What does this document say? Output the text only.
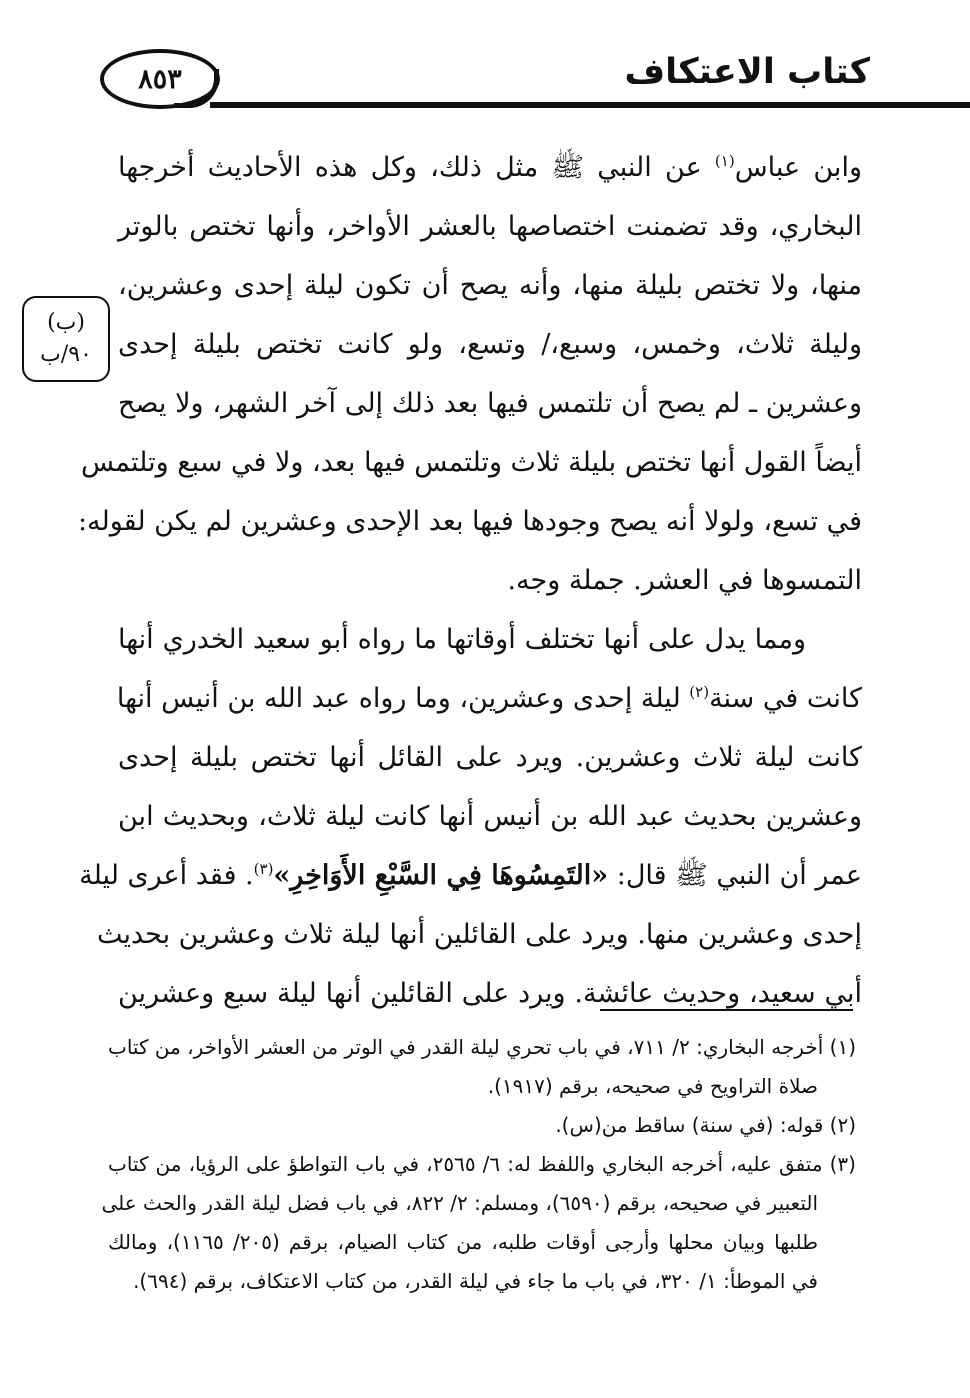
٨٥٣	كتاب الاعتكاف
(ب)
٩٠/ب
وابن عباس$^{(١)}$ عن النبي ﷺ مثل ذلك، وكل هذه الأحاديث أخرجها
البخاري، وقد تضمنت اختصاصها بالعشر الأواخر، وأنها تختص بالوتر
منها، ولا تختص بليلة منها، وأنه يصح أن تكون ليلة إحدى وعشرين،
وليلة ثلاث، وخمس، وسبع،/ وتسع، ولو كانت تختص بليلة إحدى
وعشرين ـ لم يصح أن تلتمس فيها بعد ذلك إلى آخر الشهر، ولا يصح
أيضاً القول أنها تختص بليلة ثلاث وتلتمس فيها بعد، ولا في سبع وتلتمس
في تسع، ولولا أنه يصح وجودها فيها بعد الإحدى وعشرين لم يكن لقوله:
التمسوها في العشر. جملة وجه.
ومما يدل على أنها تختلف أوقاتها ما رواه أبو سعيد الخدري أنها
كانت في سنة$^{(٢)}$ ليلة إحدى وعشرين، وما رواه عبد الله بن أنيس أنها
كانت ليلة ثلاث وعشرين. ويرد على القائل أنها تختص بليلة إحدى
وعشرين بحديث عبد الله بن أنيس أنها كانت ليلة ثلاث، وبحديث ابن
عمر أن النبي ﷺ قال: «التَمِسُوهَا فِي السَّبْعِ الأَوَاخِرِ»$^{(٣)}$. فقد أعرى ليلة
إحدى وعشرين منها. ويرد على القائلين أنها ليلة ثلاث وعشرين بحديث
أبي سعيد، وحديث عائشة. ويرد على القائلين أنها ليلة سبع وعشرين
(١) أخرجه البخاري: ٢/ ٧١١، في باب تحري ليلة القدر في الوتر من العشر الأواخر، من كتاب
صلاة التراويح في صحيحه، برقم (١٩١٧).
(٢) قوله: (في سنة) ساقط من(س).
(٣) متفق عليه، أخرجه البخاري واللفظ له: ٦/ ٢٥٦٥، في باب التواطؤ على الرؤيا، من كتاب
التعبير في صحيحه، برقم (٦٥٩٠)، ومسلم: ٢/ ٨٢٢، في باب فضل ليلة القدر والحث على
طلبها وبيان محلها وأرجى أوقات طلبه، من كتاب الصيام، برقم (٢٠٥/ ١١٦٥)، ومالك
في الموطأ: ١/ ٣٢٠، في باب ما جاء في ليلة القدر، من كتاب الاعتكاف، برقم (٦٩٤).
